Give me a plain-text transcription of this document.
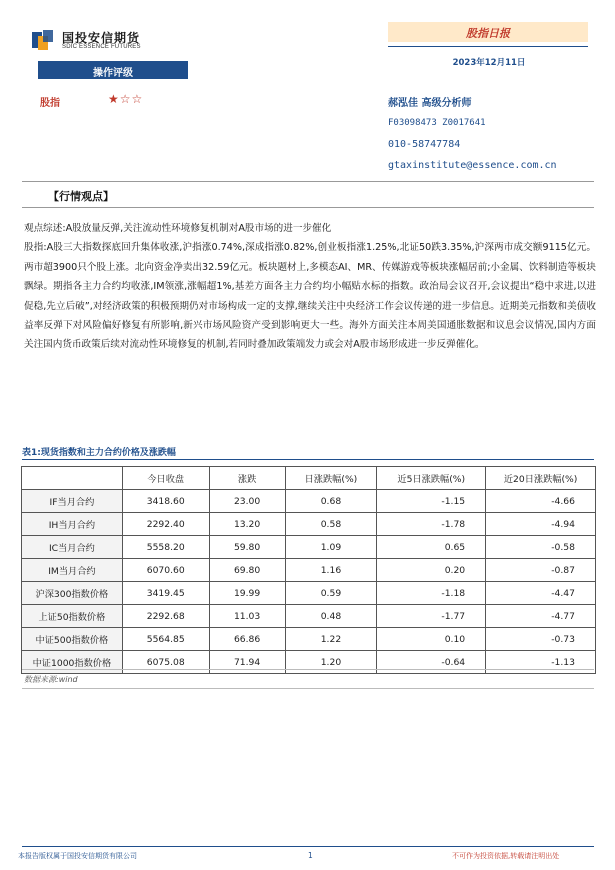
国投安信期货
SDIC ESSENCE FUTURES
股指日报
2023年12月11日
操作评级
股指	★☆☆	郝泓佳 高级分析师
F03098473 Z0017641
010-58747784
gtaxinstitute@essence.com.cn
【行情观点】

观点综述:A股放量反弹,关注流动性环境修复机制对A股市场的进一步催化

股指:A股三大指数探底回升集体收涨,沪指涨0.74%,深成指涨0.82%,创业板指涨1.25%,北证50跌3.35%,沪深两市成交额9115亿元。两市超3900只个股上涨。北向资金净卖出32.59亿元。板块题材上,多模态AI、MR、传媒游戏等板块涨幅居前;小金属、饮料制造等板块飘绿。期指各主力合约均收涨,IM领涨,涨幅超1%,基差方面各主力合约均小幅贴水标的指数。政治局会议召开,会议提出“稳中求进,以进促稳,先立后破”,对经济政策的积极预期仍对市场构成一定的支撑,继续关注中央经济工作会议传递的进一步信息。近期美元指数和美债收益率反弹下对风险偏好修复有所影响,新兴市场风险资产受到影响更大一些。海外方面关注本周美国通胀数据和议息会议情况,国内方面关注国内货币政策后续对流动性环境修复的机制,若同时叠加政策端发力或会对A股市场形成进一步反弹催化。

表1:现货指数和主力合约价格及涨跌幅
	今日收盘	涨跌	日涨跌幅(%)	近5日涨跌幅(%)	近20日涨跌幅(%)
IF当月合约	3418.60	23.00	0.68	-1.15	-4.66
IH当月合约	2292.40	13.20	0.58	-1.78	-4.94
IC当月合约	5558.20	59.80	1.09	0.65	-0.58
IM当月合约	6070.60	69.80	1.16	0.20	-0.87
沪深300指数价格	3419.45	19.99	0.59	-1.18	-4.47
上证50指数价格	2292.68	11.03	0.48	-1.77	-4.77
中证500指数价格	5564.85	66.86	1.22	0.10	-0.73
中证1000指数价格	6075.08	71.94	1.20	-0.64	-1.13
数据来源:wind
本报告版权属于国投安信期货有限公司	1	不可作为投资依据,转载请注明出处
